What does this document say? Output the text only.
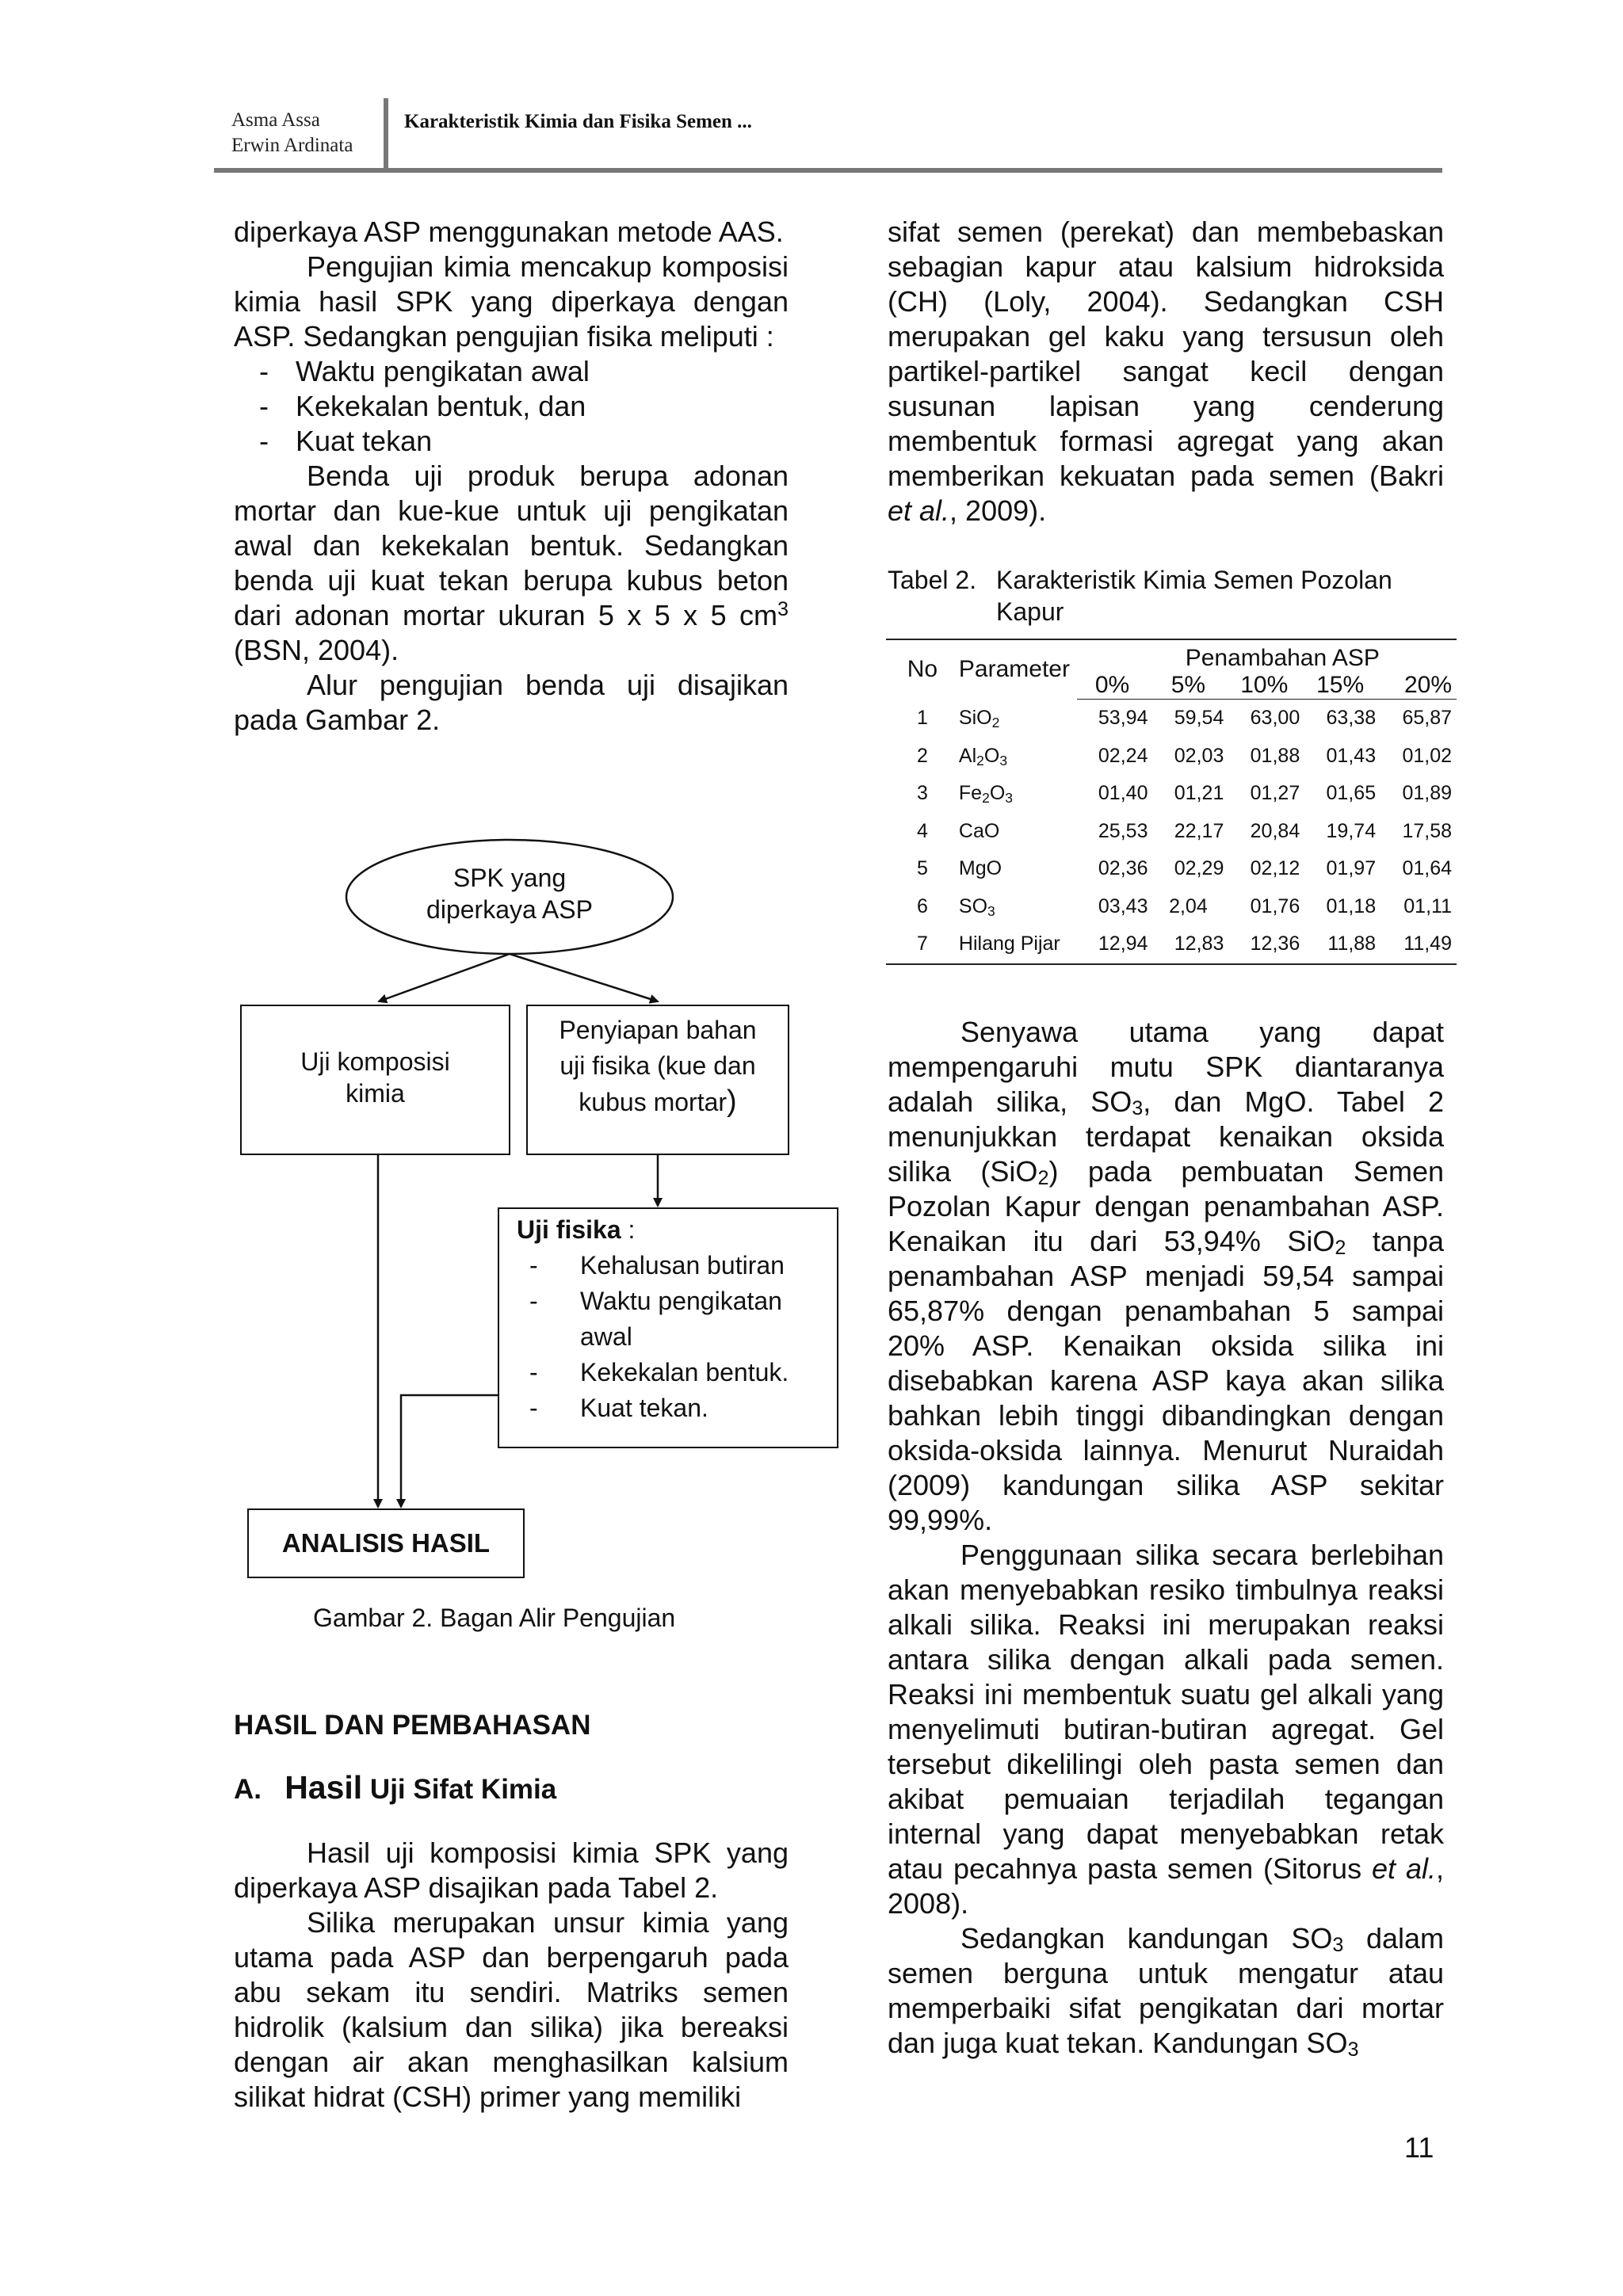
Asma Assa
Erwin Ardinata
Karakteristik Kimia dan Fisika Semen ...

diperkaya ASP menggunakan metode AAS.

Pengujian kimia mencakup komposisi kimia hasil SPK yang diperkaya dengan ASP. Sedangkan pengujian fisika meliputi :

- Waktu pengikatan awal
- Kekekalan bentuk, dan
- Kuat tekan

Benda uji produk berupa adonan mortar dan kue-kue untuk uji pengikatan awal dan kekekalan bentuk. Sedangkan benda uji kuat tekan berupa kubus beton dari adonan mortar ukuran 5 x 5 x 5 $cm^3$ (BSN, 2004).

Alur pengujian benda uji disajikan pada Gambar 2.

SPK yang
diperkaya ASP
Uji komposisi
kimia
Penyiapan bahan
uji fisika (kue dan
kubus mortar)
Uji fisika :
- Kehalusan butiran
- Waktu pengikatan
awal
- Kekekalan bentuk.
- Kuat tekan.
ANALISIS HASIL
Gambar 2. Bagan Alir Pengujian
HASIL DAN PEMBAHASAN
A. Hasil Uji Sifat Kimia

Hasil uji komposisi kimia SPK yang diperkaya ASP disajikan pada Tabel 2.

Silika merupakan unsur kimia yang utama pada ASP dan berpengaruh pada abu sekam itu sendiri. Matriks semen hidrolik (kalsium dan silika) jika bereaksi dengan air akan menghasilkan kalsium silikat hidrat (CSH) primer yang memiliki

sifat semen (perekat) dan membebaskan sebagian kapur atau kalsium hidroksida (CH) (Loly, 2004). Sedangkan CSH merupakan gel kaku yang tersusun oleh partikel-partikel sangat kecil dengan susunan lapisan yang cenderung membentuk formasi agregat yang akan memberikan kekuatan pada semen (Bakri et al., 2009).

Tabel 2. Karakteristik Kimia Semen Pozolan
Kapur
No	Parameter	Penambahan ASP				
		0%	5%	10%	15%	20%
1	SiO$_2$	53,94	59,54	63,00	63,38	65,87
2	$Al_2O_3$	02,24	02,03	01,88	01,43	01,02
3	$Fe_2O_3$	01,40	01,21	01,27	01,65	01,89
4	CaO	25,53	22,17	20,84	19,74	17,58
5	MgO	02,36	02,29	02,12	01,97	01,64
6	$SO_3$	03,43	2,04	01,76	01,18	01,11
7	Hilang Pijar	12,94	12,83	12,36	11,88	11,49

Senyawa utama yang dapat mempengaruhi mutu SPK diantaranya adalah silika, $SO_3$, dan MgO. Tabel 2 menunjukkan terdapat kenaikan oksida silika (SiO$_2$) pada pembuatan Semen Pozolan Kapur dengan penambahan ASP. Kenaikan itu dari 53,94% SiO$_2$ tanpa penambahan ASP menjadi 59,54 sampai 65,87% dengan penambahan 5 sampai 20% ASP. Kenaikan oksida silika ini disebabkan karena ASP kaya akan silika bahkan lebih tinggi dibandingkan dengan oksida-oksida lainnya. Menurut Nuraidah (2009) kandungan silika ASP sekitar 99,99%.

Penggunaan silika secara berlebihan akan menyebabkan resiko timbulnya reaksi alkali silika. Reaksi ini merupakan reaksi antara silika dengan alkali pada semen. Reaksi ini membentuk suatu gel alkali yang menyelimuti butiran-butiran agregat. Gel tersebut dikelilingi oleh pasta semen dan akibat pemuaian terjadilah tegangan internal yang dapat menyebabkan retak atau pecahnya pasta semen (Sitorus et al., 2008).

Sedangkan kandungan $SO_3$ dalam semen berguna untuk mengatur atau memperbaiki sifat pengikatan dari mortar dan juga kuat tekan. Kandungan $SO_3$

11
